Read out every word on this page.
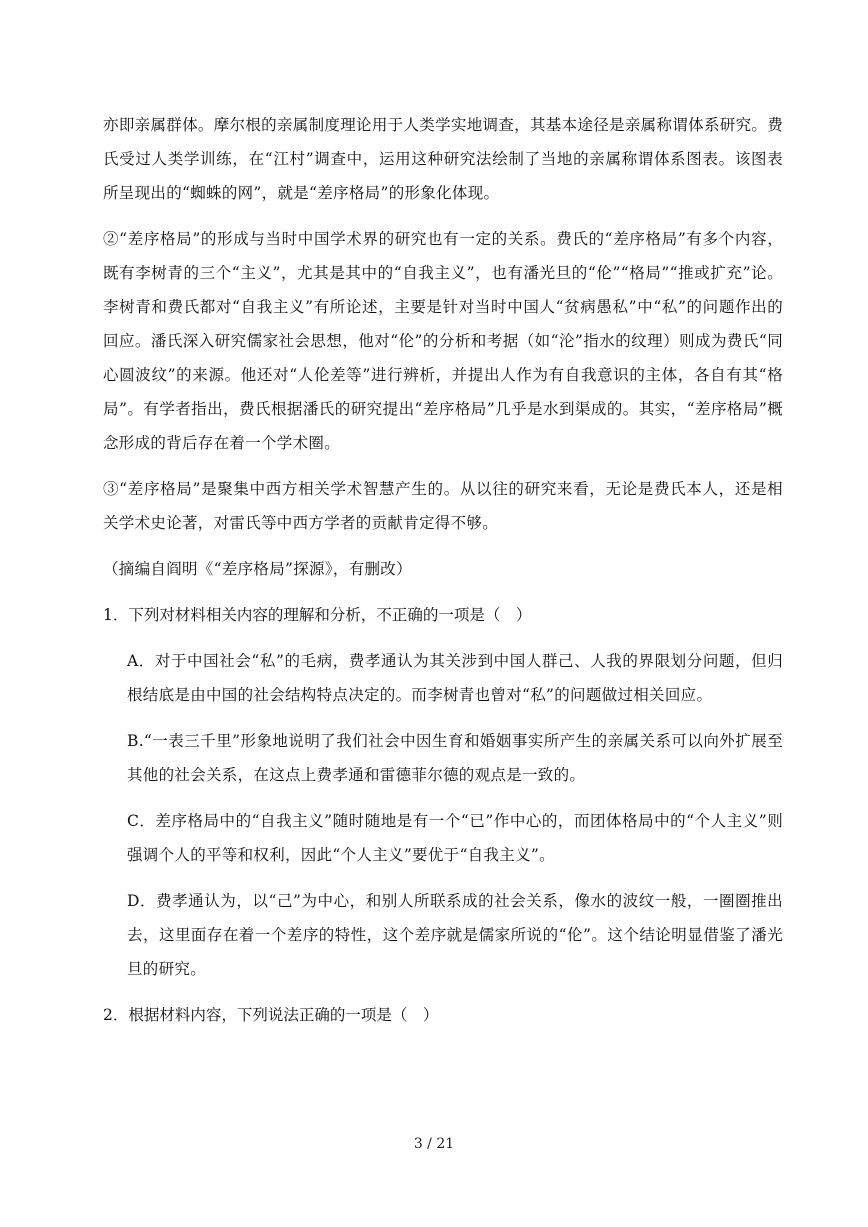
亦即亲属群体。摩尔根的亲属制度理论用于人类学实地调查，其基本途径是亲属称谓体系研究。费氏受过人类学训练，在“江村”调查中，运用这种研究法绘制了当地的亲属称谓体系图表。该图表所呈现出的“蜘蛛的网”，就是“差序格局”的形象化体现。

②“差序格局”的形成与当时中国学术界的研究也有一定的关系。费氏的“差序格局”有多个内容，既有李树青的三个“主义”，尤其是其中的“自我主义”，也有潘光旦的“伦”“格局”“推或扩充”论。李树青和费氏都对“自我主义”有所论述，主要是针对当时中国人“贫病愚私”中“私”的问题作出的回应。潘氏深入研究儒家社会思想，他对“伦”的分析和考据（如“沦”指水的纹理）则成为费氏“同心圆波纹”的来源。他还对“人伦差等”进行辨析，并提出人作为有自我意识的主体，各自有其“格局”。有学者指出，费氏根据潘氏的研究提出“差序格局”几乎是水到渠成的。其实，“差序格局”概念形成的背后存在着一个学术圈。

③“差序格局”是聚集中西方相关学术智慧产生的。从以往的研究来看，无论是费氏本人，还是相关学术史论著，对雷氏等中西方学者的贡献肯定得不够。

（摘编自阎明《“差序格局”探源》，有删改）

1．下列对材料相关内容的理解和分析，不正确的一项是（　）

A．对于中国社会“私”的毛病，费孝通认为其关涉到中国人群己、人我的界限划分问题，但归根结底是由中国的社会结构特点决定的。而李树青也曾对“私”的问题做过相关回应。

B.“一表三千里”形象地说明了我们社会中因生育和婚姻事实所产生的亲属关系可以向外扩展至其他的社会关系，在这点上费孝通和雷德菲尔德的观点是一致的。

C．差序格局中的“自我主义”随时随地是有一个“已”作中心的，而团体格局中的“个人主义”则强调个人的平等和权利，因此“个人主义”要优于“自我主义”。

D．费孝通认为，以“己”为中心，和别人所联系成的社会关系，像水的波纹一般，一圈圈推出去，这里面存在着一个差序的特性，这个差序就是儒家所说的“伦”。这个结论明显借鉴了潘光旦的研究。

2．根据材料内容，下列说法正确的一项是（　）

3 / 21
